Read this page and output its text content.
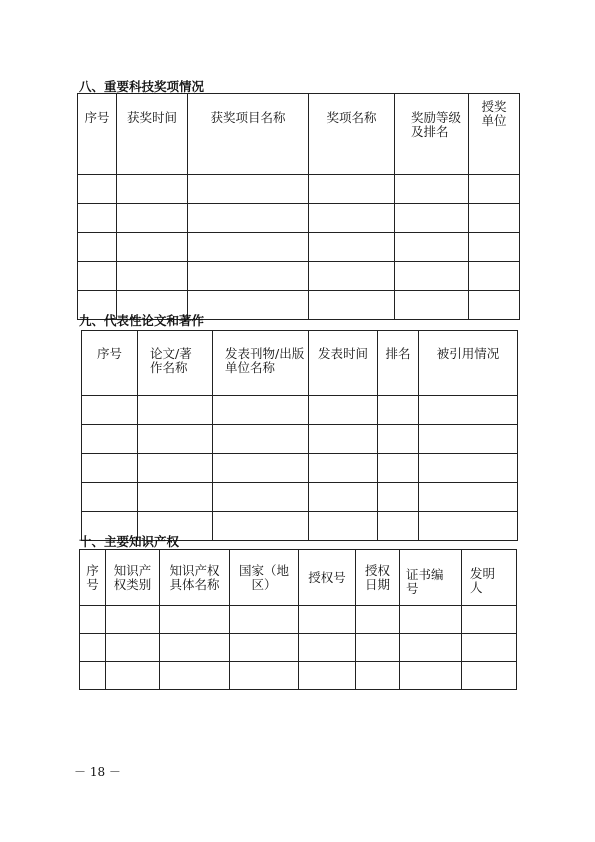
八、重要科技奖项情况
序号	获奖时间	获奖项目名称	奖项名称	奖励等级及排名	授奖单位

九、代表性论文和著作
序号	论文/著作名称	发表刊物/出版单位名称	发表时间	排名	被引用情况

十、主要知识产权
序号	知识产权类别	知识产权具体名称	国家（地区）	授权号	授权日期	证书编号	发明人

－ 18 －
